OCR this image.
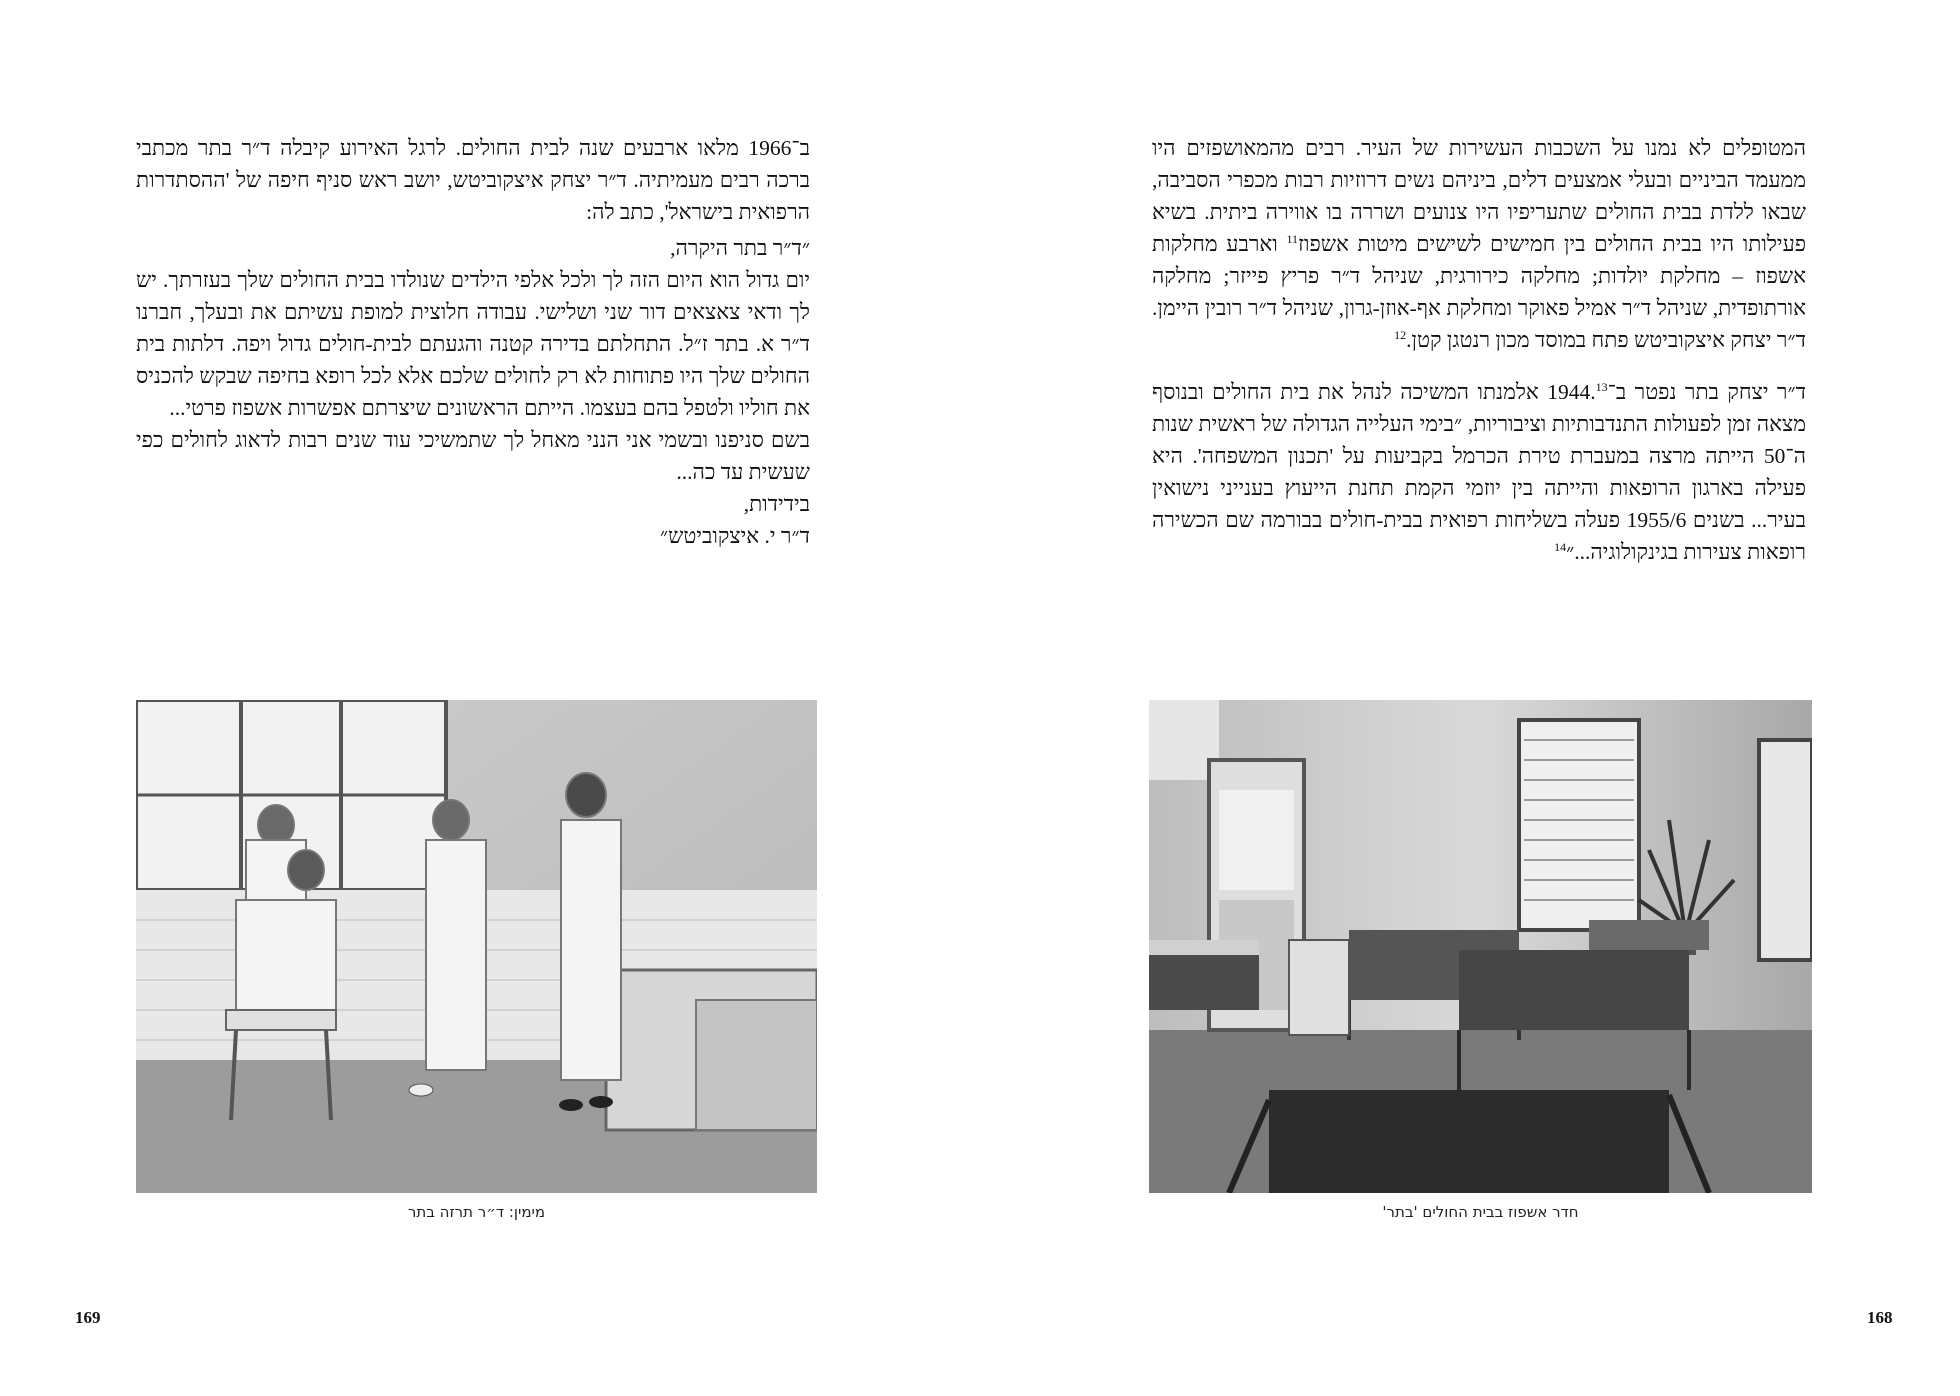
המטופלים לא נמנו על השכבות העשירות של העיר. רבים מהמאושפזים היו ממעמד הביניים ובעלי אמצעים דלים, ביניהם נשים דרוזיות רבות מכפרי הסביבה, שבאו ללדת בבית החולים שתעריפיו היו צנועים ושררה בו אווירה ביתית. בשיא פעילותו היו בבית החולים בין חמישים לשישים מיטות אשפוז$^{11}$ וארבע מחלקות אשפוז – מחלקת יולדות; מחלקה כירורגית, שניהל ד״ר פריץ פייזר; מחלקה אורתופדית, שניהל ד״ר אמיל פאוקר ומחלקת אף-אוזן-גרון, שניהל ד״ר רובין היימן. ד״ר יצחק איצקוביטש פתח במוסד מכון רנטגן קטן.$^{12}$

ד״ר יצחק בתר נפטר ב־1944.13 אלמנתו המשיכה לנהל את בית החולים ובנוסף מצאה זמן לפעולות התנדבותיות וציבוריות, ״בימי העלייה הגדולה של ראשית שנות ה־50 הייתה מרצה במעברת טירת הכרמל בקביעות על 'תכנון המשפחה'. היא פעילה בארגון הרופאות והייתה בין יוזמי הקמת תחנת הייעוץ בענייני נישואין בעיר... בשנים 1955/6 פעלה בשליחות רפואית בבית-חולים בבורמה שם הכשירה רופאות צעירות בגינקולוגיה...״$^{14}$

חדר אשפוז בבית החולים 'בתר'
168

ב־1966 מלאו ארבעים שנה לבית החולים. לרגל האירוע קיבלה ד״ר בתר מכתבי ברכה רבים מעמיתיה. ד״ר יצחק איצקוביטש, יושב ראש סניף חיפה של 'ההסתדרות הרפואית בישראל', כתב לה:

״ד״ר בתר היקרה,

יום גדול הוא היום הזה לך ולכל אלפי הילדים שנולדו בבית החולים שלך בעזרתך. יש לך ודאי צאצאים דור שני ושלישי. עבודה חלוצית למופת עשיתם את ובעלך, חברנו ד״ר א. בתר ז״ל. התחלתם בדירה קטנה והגעתם לבית-חולים גדול ויפה. דלתות בית החולים שלך היו פתוחות לא רק לחולים שלכם אלא לכל רופא בחיפה שבקש להכניס את חוליו ולטפל בהם בעצמו. הייתם הראשונים שיצרתם אפשרות אשפוז פרטי...

בשם סניפנו ובשמי אני הנני מאחל לך שתמשיכי עוד שנים רבות לדאוג לחולים כפי שעשית עד כה...

בידידות,

ד״ר י. איצקוביטש״

מימין: ד״ר תרזה בתר
169
